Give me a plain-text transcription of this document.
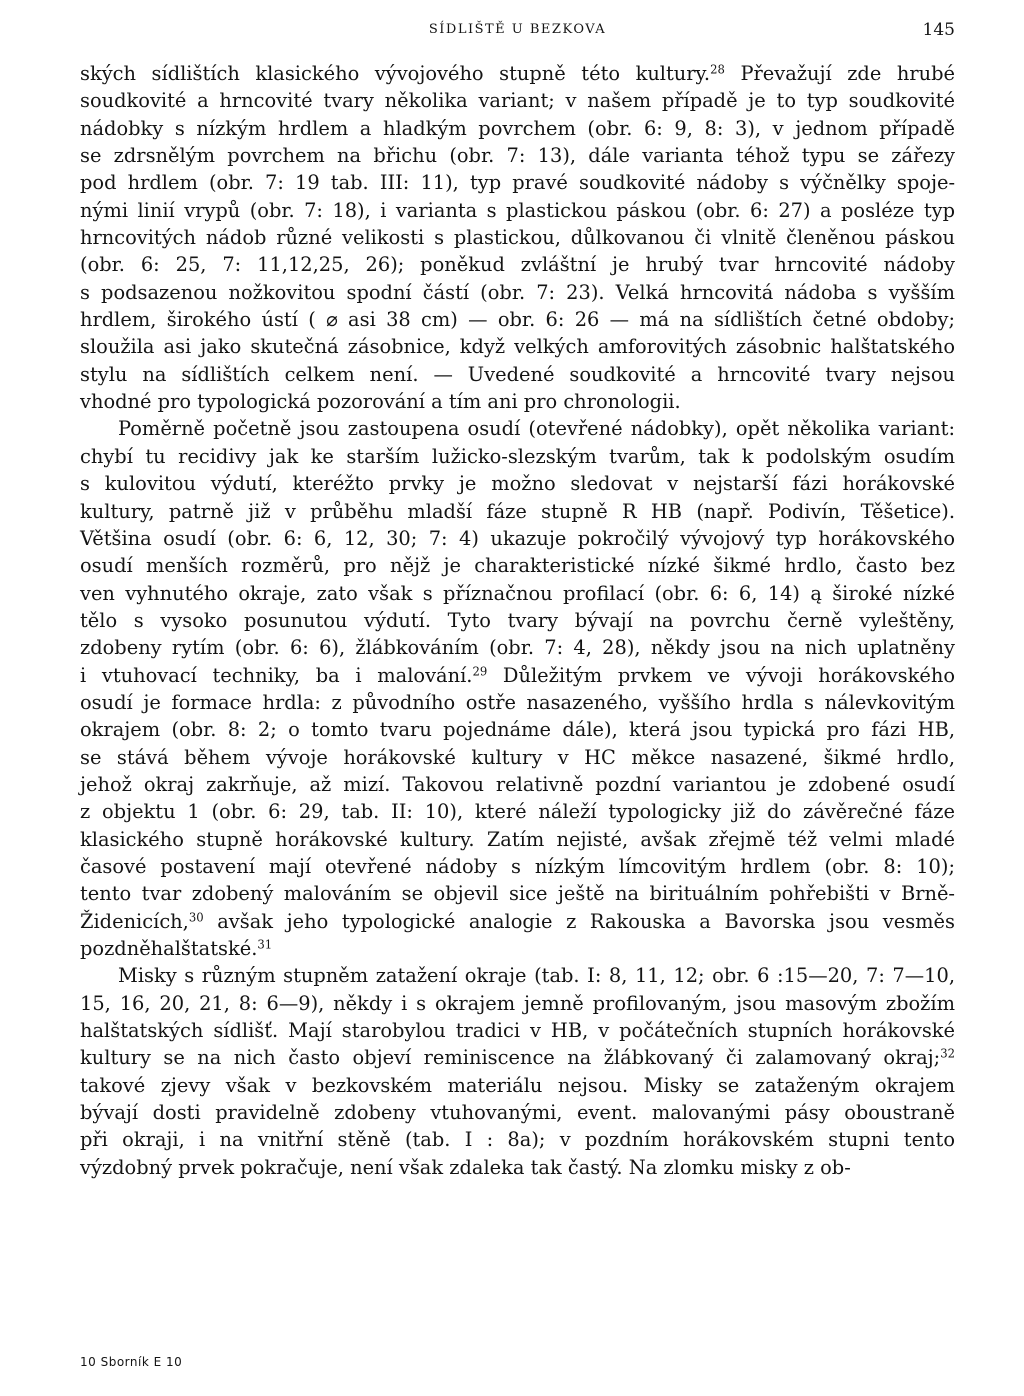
SÍDLIŠTĚ U BEZKOVA	145
ských sídlištích klasického vývojového stupně této kultury.$^{28}$ Převažují zde hrubé
soudkovité a hrncovité tvary několika variant; v našem případě je to typ soudkovité
nádobky s nízkým hrdlem a hladkým povrchem (obr. 6: 9, 8: 3), v jednom případě
se zdrsnělým povrchem na břichu (obr. 7: 13), dále varianta téhož typu se zářezy
pod hrdlem (obr. 7: 19 tab. III: 11), typ pravé soudkovité nádoby s výčnělky spoje-
nými linií vrypů (obr. 7: 18), i varianta s plastickou páskou (obr. 6: 27) a posléze typ
hrncovitých nádob různé velikosti s plastickou, důlkovanou či vlnitě členěnou páskou
(obr. 6: 25, 7: 11,12,25, 26); poněkud zvláštní je hrubý tvar hrncovité nádoby
s podsazenou nožkovitou spodní částí (obr. 7: 23). Velká hrncovitá nádoba s vyšším
hrdlem, širokého ústí ( ⌀ asi 38 cm) — obr. 6: 26 — má na sídlištích četné obdoby;
sloužila asi jako skutečná zásobnice, když velkých amforovitých zásobnic halštatského
stylu na sídlištích celkem není. — Uvedené soudkovité a hrncovité tvary nejsou
vhodné pro typologická pozorování a tím ani pro chronologii.
Poměrně početně jsou zastoupena osudí (otevřené nádobky), opět několika variant:
chybí tu recidivy jak ke starším lužicko-slezským tvarům, tak k podolským osudím
s kulovitou výdutí, kteréžto prvky je možno sledovat v nejstarší fázi horákovské
kultury, patrně již v průběhu mladší fáze stupně R HB (např. Podivín, Těšetice).
Většina osudí (obr. 6: 6, 12, 30; 7: 4) ukazuje pokročilý vývojový typ horákovského
osudí menších rozměrů, pro nějž je charakteristické nízké šikmé hrdlo, často bez
ven vyhnutého okraje, zato však s příznačnou profilací (obr. 6: 6, 14) ą široké nízké
tělo s vysoko posunutou výdutí. Tyto tvary bývají na povrchu černě vyleštěny,
zdobeny rytím (obr. 6: 6), žlábkováním (obr. 7: 4, 28), někdy jsou na nich uplatněny
i vtuhovací techniky, ba i malování.$^{29}$ Důležitým prvkem ve vývoji horákovského
osudí je formace hrdla: z původního ostře nasazeného, vyššího hrdla s nálevkovitým
okrajem (obr. 8: 2; o tomto tvaru pojednáme dále), která jsou typická pro fázi HB,
se stává během vývoje horákovské kultury v HC měkce nasazené, šikmé hrdlo,
jehož okraj zakrňuje, až mizí. Takovou relativně pozdní variantou je zdobené osudí
z objektu 1 (obr. 6: 29, tab. II: 10), které náleží typologicky již do závěrečné fáze
klasického stupně horákovské kultury. Zatím nejisté, avšak zřejmě též velmi mladé
časové postavení mají otevřené nádoby s nízkým límcovitým hrdlem (obr. 8: 10);
tento tvar zdobený malováním se objevil sice ještě na birituálním pohřebišti v Brně-
Židenicích,$^{30}$ avšak jeho typologické analogie z Rakouska a Bavorska jsou vesměs
pozdněhalštatské.$^{31}$
Misky s různým stupněm zatažení okraje (tab. I: 8, 11, 12; obr. 6 :15—20, 7: 7—10,
15, 16, 20, 21, 8: 6—9), někdy i s okrajem jemně profilovaným, jsou masovým zbožím
halštatských sídlišť. Mají starobylou tradici v HB, v počátečních stupních horákovské
kultury se na nich často objeví reminiscence na žlábkovaný či zalamovaný okraj;$^{32}$
takové zjevy však v bezkovském materiálu nejsou. Misky se zataženým okrajem
bývají dosti pravidelně zdobeny vtuhovanými, event. malovanými pásy oboustraně
při okraji, i na vnitřní stěně (tab. I : 8a); v pozdním horákovském stupni tento
výzdobný prvek pokračuje, není však zdaleka tak častý. Na zlomku misky z ob-
10 Sborník E 10
